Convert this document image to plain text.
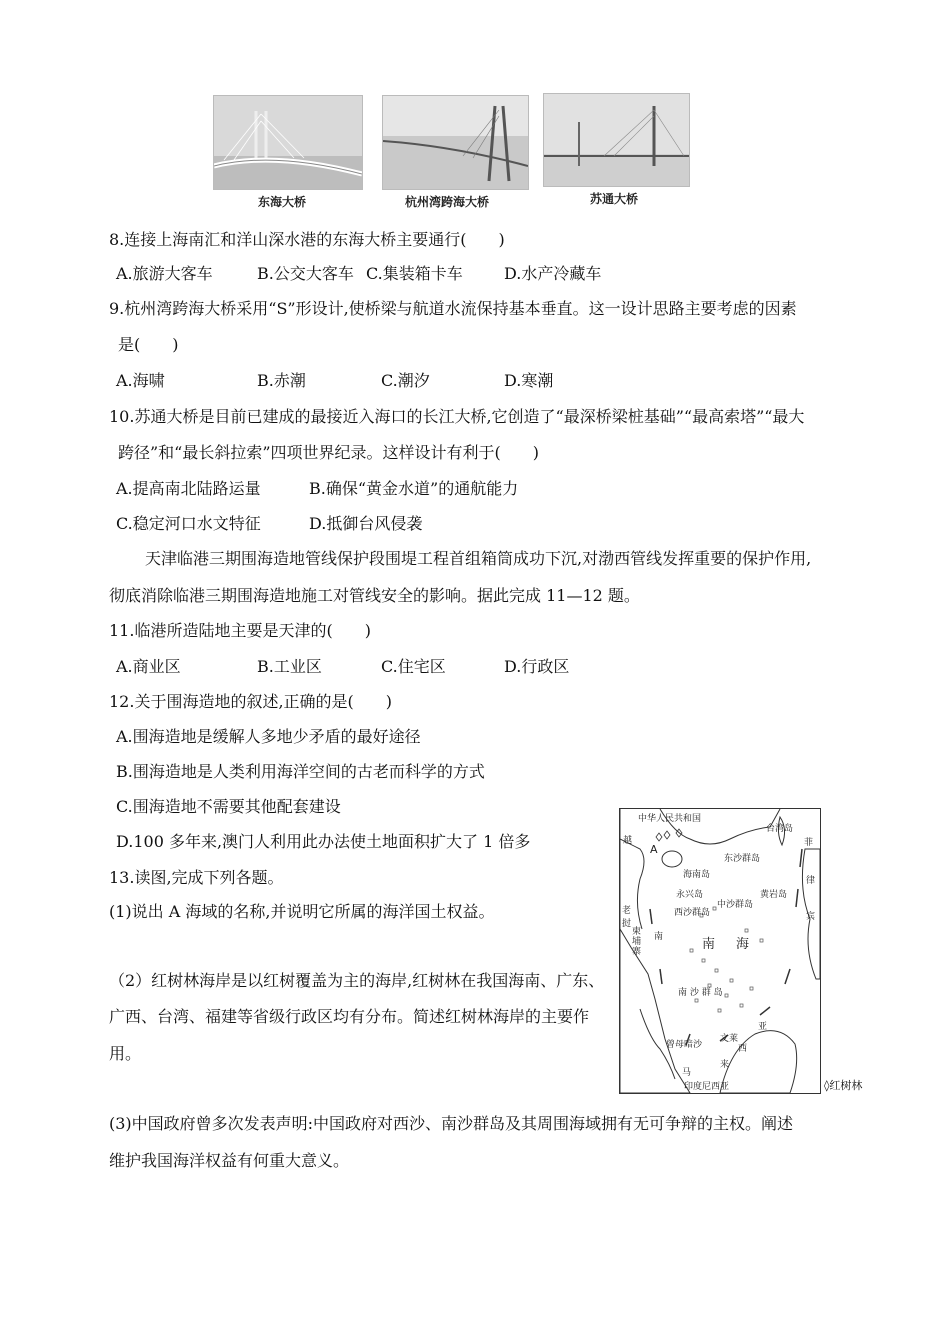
东海大桥	杭州湾跨海大桥	苏通大桥
8.连接上海南汇和洋山深水港的东海大桥主要通行(　　)
A.旅游大客车	B.公交大客车 C.集装箱卡车	D.水产冷藏车
9.杭州湾跨海大桥采用“S”形设计,使桥梁与航道水流保持基本垂直。这一设计思路主要考虑的因素
是(　　)
A.海啸	B.赤潮	C.潮汐	D.寒潮
10.苏通大桥是目前已建成的最接近入海口的长江大桥,它创造了“最深桥梁桩基础”“最高索塔”“最大
跨径”和“最长斜拉索”四项世界纪录。这样设计有利于(　　)
A.提高南北陆路运量	B.确保“黄金水道”的通航能力
C.稳定河口水文特征	D.抵御台风侵袭
天津临港三期围海造地管线保护段围堤工程首组箱筒成功下沉,对渤西管线发挥重要的保护作用,
彻底消除临港三期围海造地施工对管线安全的影响。据此完成 11—12 题。
11.临港所造陆地主要是天津的(　　)
A.商业区	B.工业区	C.住宅区	D.行政区
12.关于围海造地的叙述,正确的是(　　)
A.围海造地是缓解人多地少矛盾的最好途径
B.围海造地是人类利用海洋空间的古老而科学的方式
C.围海造地不需要其他配套建设
D.100 多年来,澳门人利用此办法使土地面积扩大了 1 倍多
13.读图,完成下列各题。
(1)说出 A 海域的名称,并说明它所属的海洋国土权益。
（2）红树林海岸是以红树覆盖为主的海岸,红树林在我国海南、广东、
广西、台湾、福建等省级行政区均有分布。简述红树林海岸的主要作
用。
(3)中国政府曾多次发表声明:中国政府对西沙、南沙群岛及其周围海域拥有无可争辩的主权。阐述
维护我国海洋权益有何重大意义。
中华人民共和国
A
越
台湾岛
东沙群岛
海南岛
永兴岛
中沙群岛
西沙群岛
黄岩岛
老挝
柬埔寨
南	南 海
南 沙 群 岛
曾母暗沙
菲
律
宾
亚
文莱
西
来
马
印度尼西亚	◊红树林
